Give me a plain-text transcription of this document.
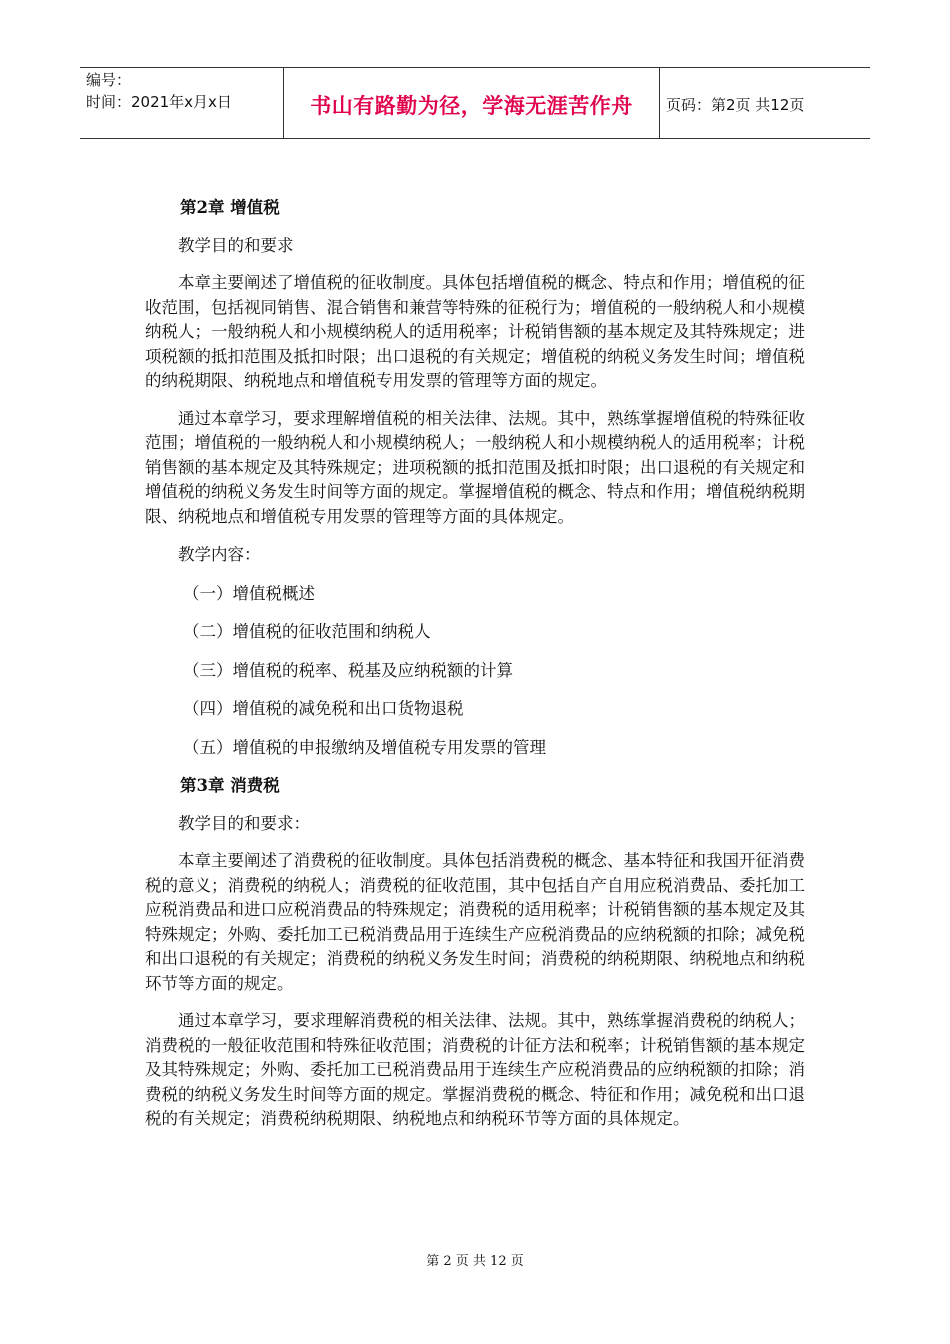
编号：
时间：2021年x月x日	书山有路勤为径，学海无涯苦作舟	页码：第2页 共12页

第2章 增值税

教学目的和要求

本章主要阐述了增值税的征收制度。具体包括增值税的概念、特点和作用；增值税的征收范围，包括视同销售、混合销售和兼营等特殊的征税行为；增值税的一般纳税人和小规模纳税人；一般纳税人和小规模纳税人的适用税率；计税销售额的基本规定及其特殊规定；进项税额的抵扣范围及抵扣时限；出口退税的有关规定；增值税的纳税义务发生时间；增值税的纳税期限、纳税地点和增值税专用发票的管理等方面的规定。

通过本章学习，要求理解增值税的相关法律、法规。其中，熟练掌握增值税的特殊征收范围；增值税的一般纳税人和小规模纳税人；一般纳税人和小规模纳税人的适用税率；计税销售额的基本规定及其特殊规定；进项税额的抵扣范围及抵扣时限；出口退税的有关规定和增值税的纳税义务发生时间等方面的规定。掌握增值税的概念、特点和作用；增值税纳税期限、纳税地点和增值税专用发票的管理等方面的具体规定。

教学内容：

（一）增值税概述

（二）增值税的征收范围和纳税人

（三）增值税的税率、税基及应纳税额的计算

（四）增值税的减免税和出口货物退税

（五）增值税的申报缴纳及增值税专用发票的管理

第3章 消费税

教学目的和要求：

本章主要阐述了消费税的征收制度。具体包括消费税的概念、基本特征和我国开征消费税的意义；消费税的纳税人；消费税的征收范围，其中包括自产自用应税消费品、委托加工应税消费品和进口应税消费品的特殊规定；消费税的适用税率；计税销售额的基本规定及其特殊规定；外购、委托加工已税消费品用于连续生产应税消费品的应纳税额的扣除；减免税和出口退税的有关规定；消费税的纳税义务发生时间；消费税的纳税期限、纳税地点和纳税环节等方面的规定。

通过本章学习，要求理解消费税的相关法律、法规。其中，熟练掌握消费税的纳税人；消费税的一般征收范围和特殊征收范围；消费税的计征方法和税率；计税销售额的基本规定及其特殊规定；外购、委托加工已税消费品用于连续生产应税消费品的应纳税额的扣除；消费税的纳税义务发生时间等方面的规定。掌握消费税的概念、特征和作用；减免税和出口退税的有关规定；消费税纳税期限、纳税地点和纳税环节等方面的具体规定。

第 2 页 共 12 页
